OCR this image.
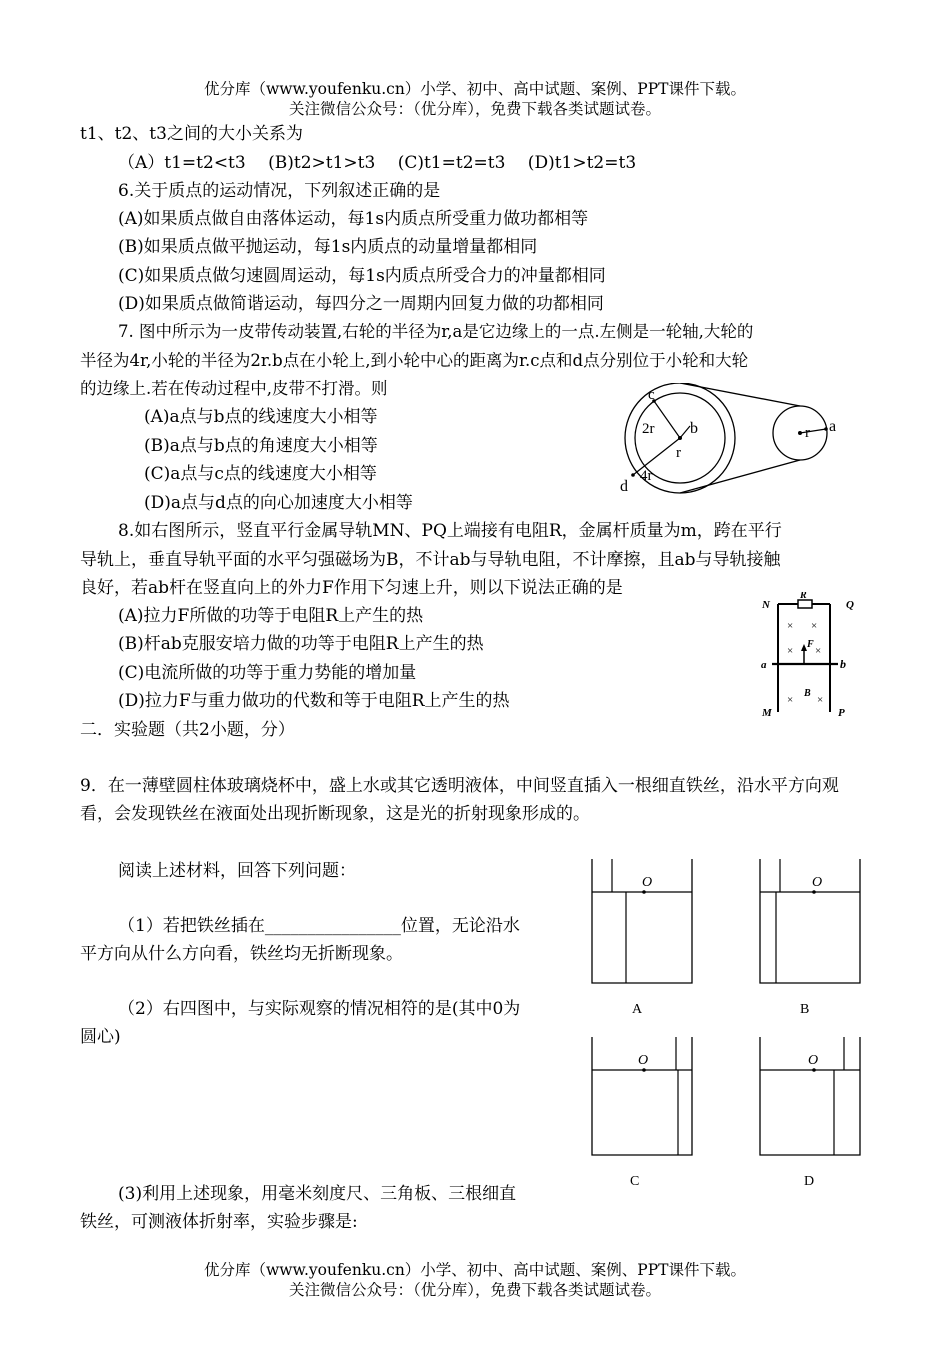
优分库（www.youfenku.cn）小学、初中、高中试题、案例、PPT课件下载。
关注微信公众号：（优分库），免费下载各类试题试卷。
t1、t2、t3之间的大小关系为
（A）t1=t2<t3　 (B)t2>t1>t3　 (C)t1=t2=t3　 (D)t1>t2=t3
6.关于质点的运动情况，下列叙述正确的是
(A)如果质点做自由落体运动，每1s内质点所受重力做功都相等
(B)如果质点做平抛运动，每1s内质点的动量增量都相同
(C)如果质点做匀速圆周运动，每1s内质点所受合力的冲量都相同
(D)如果质点做简谐运动，每四分之一周期内回复力做的功都相同
7. 图中所示为一皮带传动装置,右轮的半径为r,a是它边缘上的一点.左侧是一轮轴,大轮的
半径为4r,小轮的半径为2r.b点在小轮上,到小轮中心的距离为r.c点和d点分别位于小轮和大轮
的边缘上.若在传动过程中,皮带不打滑。则
(A)a点与b点的线速度大小相等
(B)a点与b点的角速度大小相等
(C)a点与c点的线速度大小相等
(D)a点与d点的向心加速度大小相等
c
2r
r
b
4r
d
r a
8.如右图所示，竖直平行金属导轨MN、PQ上端接有电阻R，金属杆质量为m，跨在平行
导轨上，垂直导轨平面的水平匀强磁场为B，不计ab与导轨电阻，不计摩擦，且ab与导轨接触
良好，若ab杆在竖直向上的外力F作用下匀速上升，则以下说法正确的是
(A)拉力F所做的功等于电阻R上产生的热
(B)杆ab克服安培力做的功等于电阻R上产生的热
(C)电流所做的功等于重力势能的增加量
(D)拉力F与重力做功的代数和等于电阻R上产生的热
N
R
Q
F
a	b
B
M	P
× ×
× ×
× ×
二．实验题（共2小题，分）
9．在一薄壁圆柱体玻璃烧杯中，盛上水或其它透明液体，中间竖直插入一根细直铁丝，沿水平方向观看，会发现铁丝在液面处出现折断现象，这是光的折射现象形成的。
阅读上述材料，回答下列问题：
（1）若把铁丝插在________________位置，无论沿水
平方向从什么方向看，铁丝均无折断现象。
（2）右四图中，与实际观察的情况相符的是(其中0为
圆心)
(3)利用上述现象，用毫米刻度尺、三角板、三根细直
铁丝，可测液体折射率，实验步骤是:
O
A
O
B
O
C
O
D
优分库（www.youfenku.cn）小学、初中、高中试题、案例、PPT课件下载。
关注微信公众号：（优分库），免费下载各类试题试卷。
